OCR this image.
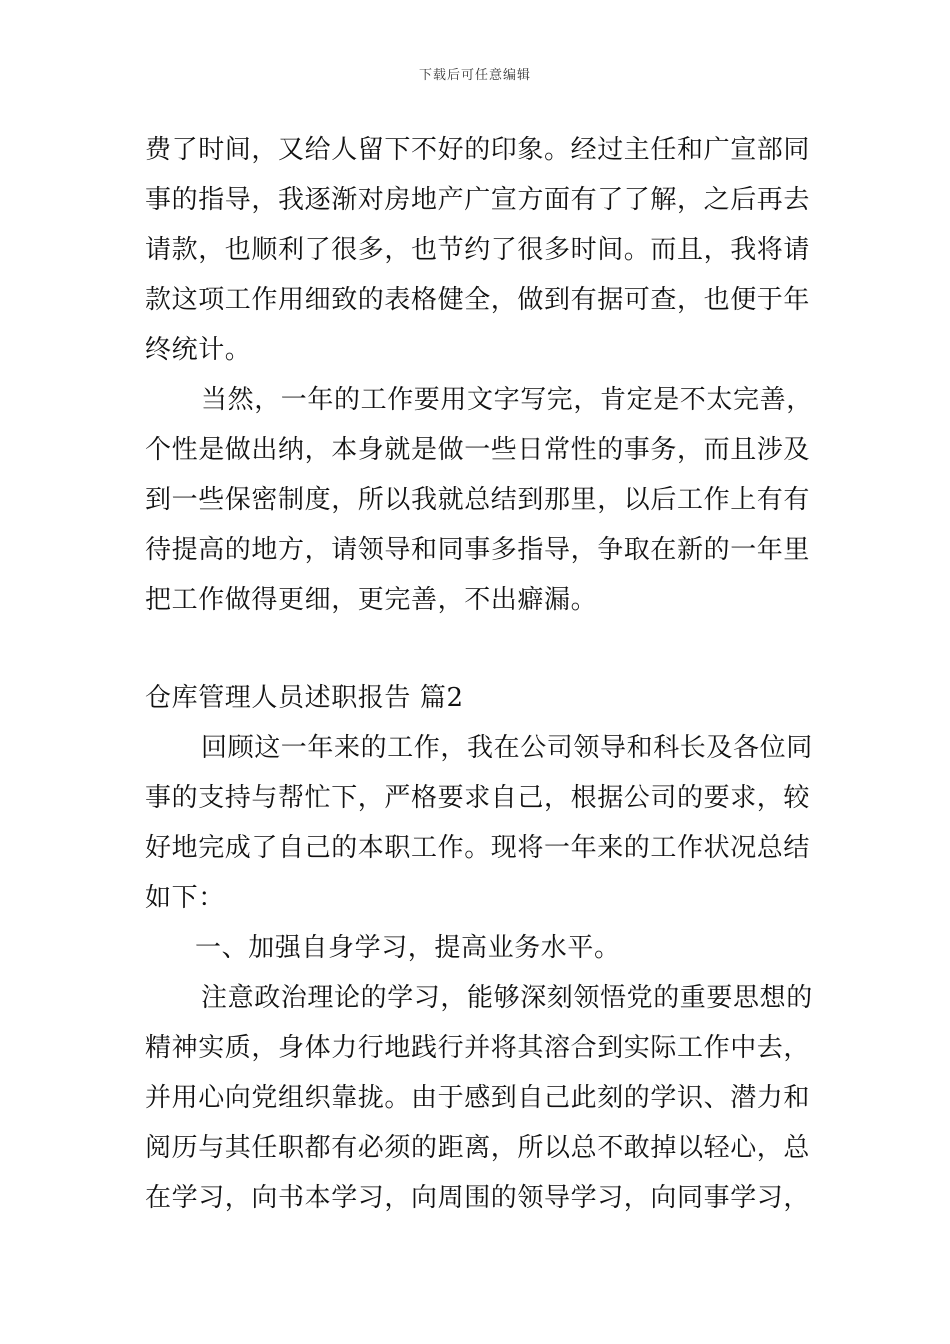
下载后可任意编辑
费了时间，又给人留下不好的印象。经过主任和广宣部同
事的指导，我逐渐对房地产广宣方面有了了解，之后再去
请款，也顺利了很多，也节约了很多时间。而且，我将请
款这项工作用细致的表格健全，做到有据可查，也便于年
终统计。
当然，一年的工作要用文字写完，肯定是不太完善，
个性是做出纳，本身就是做一些日常性的事务，而且涉及
到一些保密制度，所以我就总结到那里，以后工作上有有
待提高的地方，请领导和同事多指导，争取在新的一年里
把工作做得更细，更完善，不出癖漏。
仓库管理人员述职报告 篇2
回顾这一年来的工作，我在公司领导和科长及各位同
事的支持与帮忙下，严格要求自己，根据公司的要求，较
好地完成了自己的本职工作。现将一年来的工作状况总结
如下：
一、加强自身学习，提高业务水平。
注意政治理论的学习，能够深刻领悟党的重要思想的
精神实质，身体力行地践行并将其溶合到实际工作中去，
并用心向党组织靠拢。由于感到自己此刻的学识、潜力和
阅历与其任职都有必须的距离，所以总不敢掉以轻心，总
在学习，向书本学习，向周围的领导学习，向同事学习，
